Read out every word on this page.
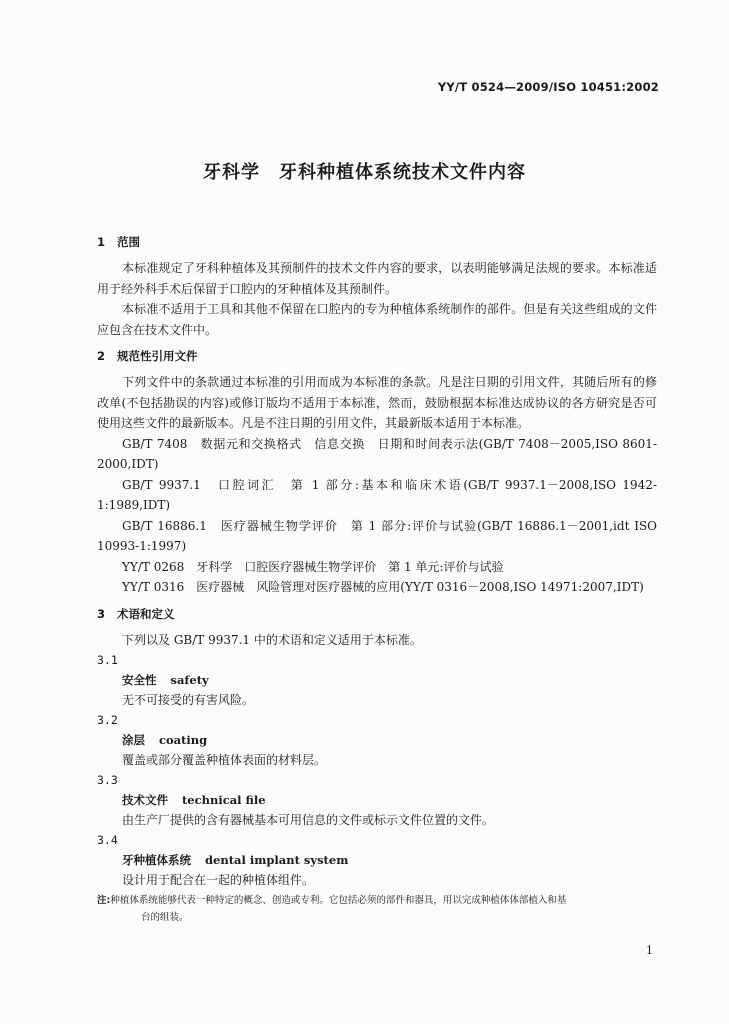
YY/T 0524—2009/ISO 10451:2002
牙科学　牙科种植体系统技术文件内容
1 范围

本标准规定了牙科种植体及其预制件的技术文件内容的要求，以表明能够满足法规的要求。本标准适用于经外科手术后保留于口腔内的牙种植体及其预制件。

本标准不适用于工具和其他不保留在口腔内的专为种植体系统制作的部件。但是有关这些组成的文件应包含在技术文件中。

2 规范性引用文件

下列文件中的条款通过本标准的引用而成为本标准的条款。凡是注日期的引用文件，其随后所有的修改单(不包括勘误的内容)或修订版均不适用于本标准，然而，鼓励根据本标准达成协议的各方研究是否可使用这些文件的最新版本。凡是不注日期的引用文件，其最新版本适用于本标准。

GB/T 7408　数据元和交换格式　信息交换　日期和时间表示法(GB/T 7408－2005,ISO 8601-2000,IDT)

GB/T 9937.1　口腔词汇　第 1 部分:基本和临床术语(GB/T 9937.1－2008,ISO 1942-1:1989,IDT)

GB/T 16886.1　医疗器械生物学评价　第 1 部分:评价与试验(GB/T 16886.1－2001,idt ISO 10993-1:1997)

YY/T 0268　牙科学　口腔医疗器械生物学评价　第 1 单元:评价与试验

YY/T 0316　医疗器械　风险管理对医疗器械的应用(YY/T 0316－2008,ISO 14971:2007,IDT)

3 术语和定义

下列以及 GB/T 9937.1 中的术语和定义适用于本标准。

3.1
安全性 safety
无不可接受的有害风险。
3.2
涂层 coating
覆盖或部分覆盖种植体表面的材料层。
3.3
技术文件 technical file
由生产厂提供的含有器械基本可用信息的文件或标示文件位置的文件。
3.4
牙种植体系统 dental implant system
设计用于配合在一起的种植体组件。
注:种植体系统能够代表一种特定的概念、创造或专利。它包括必须的部件和器具，用以完成种植体体部植入和基
台的组装。
1
